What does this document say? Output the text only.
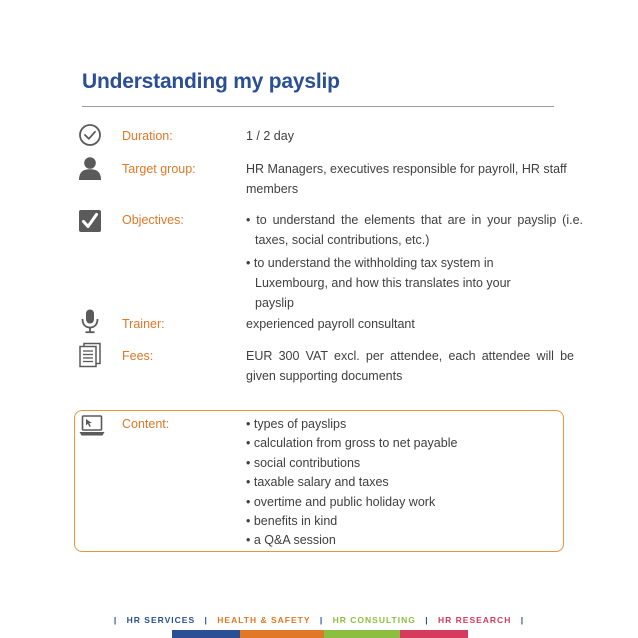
Understanding my payslip
Duration:	1 / 2 day
Target group:	HR Managers, executives responsible for payroll, HR staff members
Objectives:	• to understand the elements that are in your payslip (i.e. taxes, social contributions, etc.)
• to understand the withholding tax system in Luxembourg, and how this translates into your payslip
Trainer:	experienced payroll consultant
Fees:	EUR 300 VAT excl. per attendee, each attendee will be given supporting documents
Content:	• types of payslips
• calculation from gross to net payable
• social contributions
• taxable salary and taxes
• overtime and public holiday work
• benefits in kind
• a Q&A session
| HR SERVICES | HEALTH & SAFETY | HR CONSULTING | HR RESEARCH |
